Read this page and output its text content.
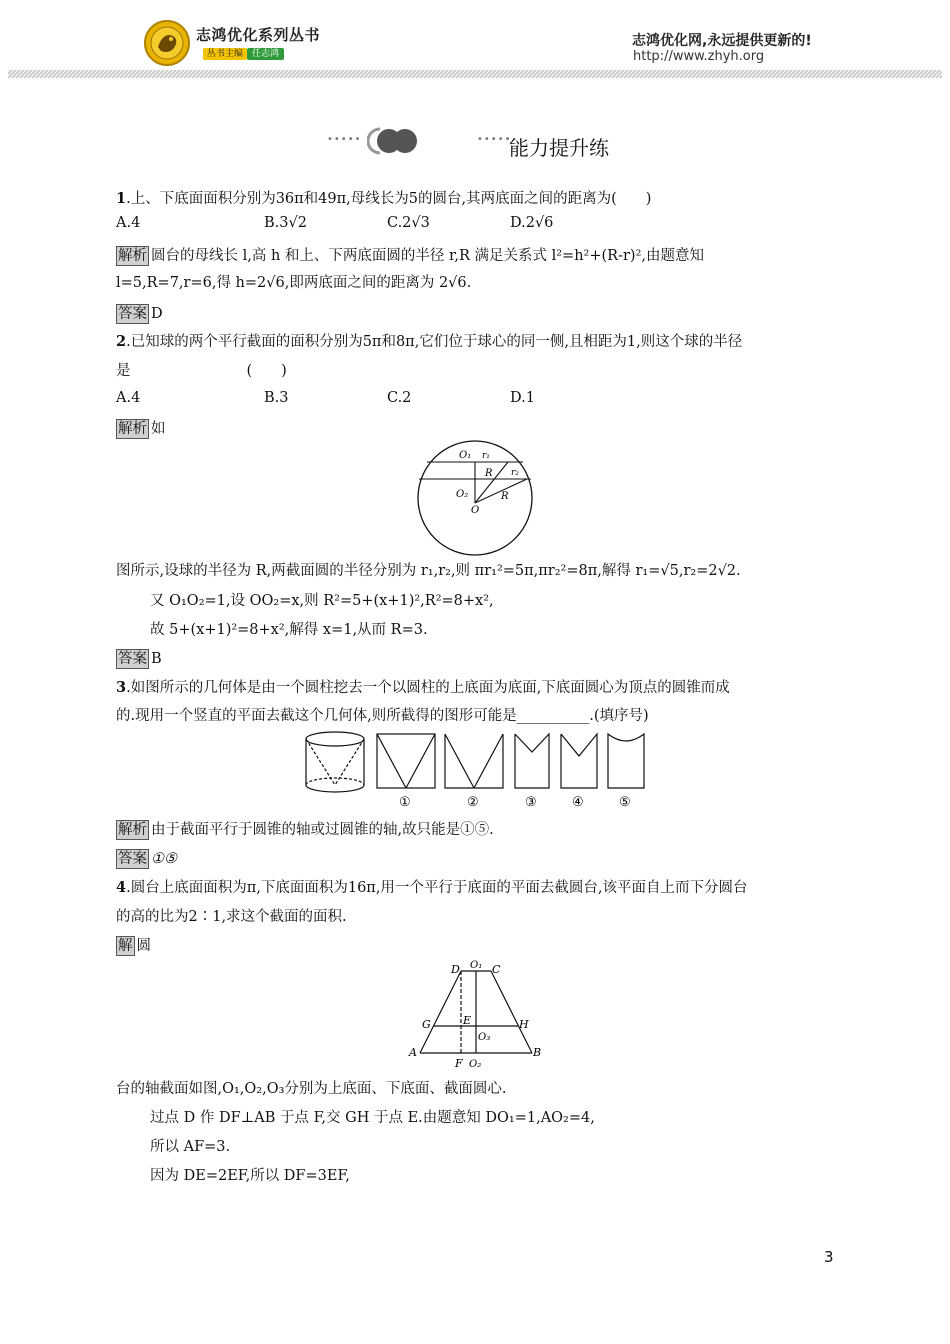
志鸿优化系列丛书
丛书主编 任志鸿
志鸿优化网,永远提供更新的!
http://www.zhyh.org
•••••	•••••
能力提升练
1.上、下底面面积分别为36π和49π,母线长为5的圆台,其两底面之间的距离为(　　)
A.4	B.3√2	C.2√3	D.2√6
解析 圆台的母线长 l,高 h 和上、下两底面圆的半径 r,R 满足关系式 l²=h²+(R-r)²,由题意知
l=5,R=7,r=6,得 h=2√6,即两底面之间的距离为 2√6.
答案 D
2.已知球的两个平行截面的面积分别为5π和8π,它们位于球心的同一侧,且相距为1,则这个球的半径
是　　　　　　　　(　　)
A.4	B.3	C.2	D.1
解析 如
O₁ r₁
R r₂
O₂	R
O
图所示,设球的半径为 R,两截面圆的半径分别为 r₁,r₂,则 πr₁²=5π,πr₂²=8π,解得 r₁=√5,r₂=2√2.
又 O₁O₂=1,设 OO₂=x,则 R²=5+(x+1)²,R²=8+x²,
故 5+(x+1)²=8+x²,解得 x=1,从而 R=3.
答案 B
3.如图所示的几何体是由一个圆柱挖去一个以圆柱的上底面为底面,下底面圆心为顶点的圆锥而成
的.现用一个竖直的平面去截这个几何体,则所截得的图形可能是__________.(填序号)
①	②	③	④	⑤
解析 由于截面平行于圆锥的轴或过圆锥的轴,故只能是①⑤.
答案 ①⑤
4.圆台上底面面积为π,下底面面积为16π,用一个平行于底面的平面去截圆台,该平面自上而下分圆台
的高的比为2∶1,求这个截面的面积.
解 圆
D O₁ C
G	E	H
O₃
A
F O₂
B
台的轴截面如图,O₁,O₂,O₃分别为上底面、下底面、截面圆心.
过点 D 作 DF⊥AB 于点 F,交 GH 于点 E.由题意知 DO₁=1,AO₂=4,
所以 AF=3.
因为 DE=2EF,所以 DF=3EF,
3
